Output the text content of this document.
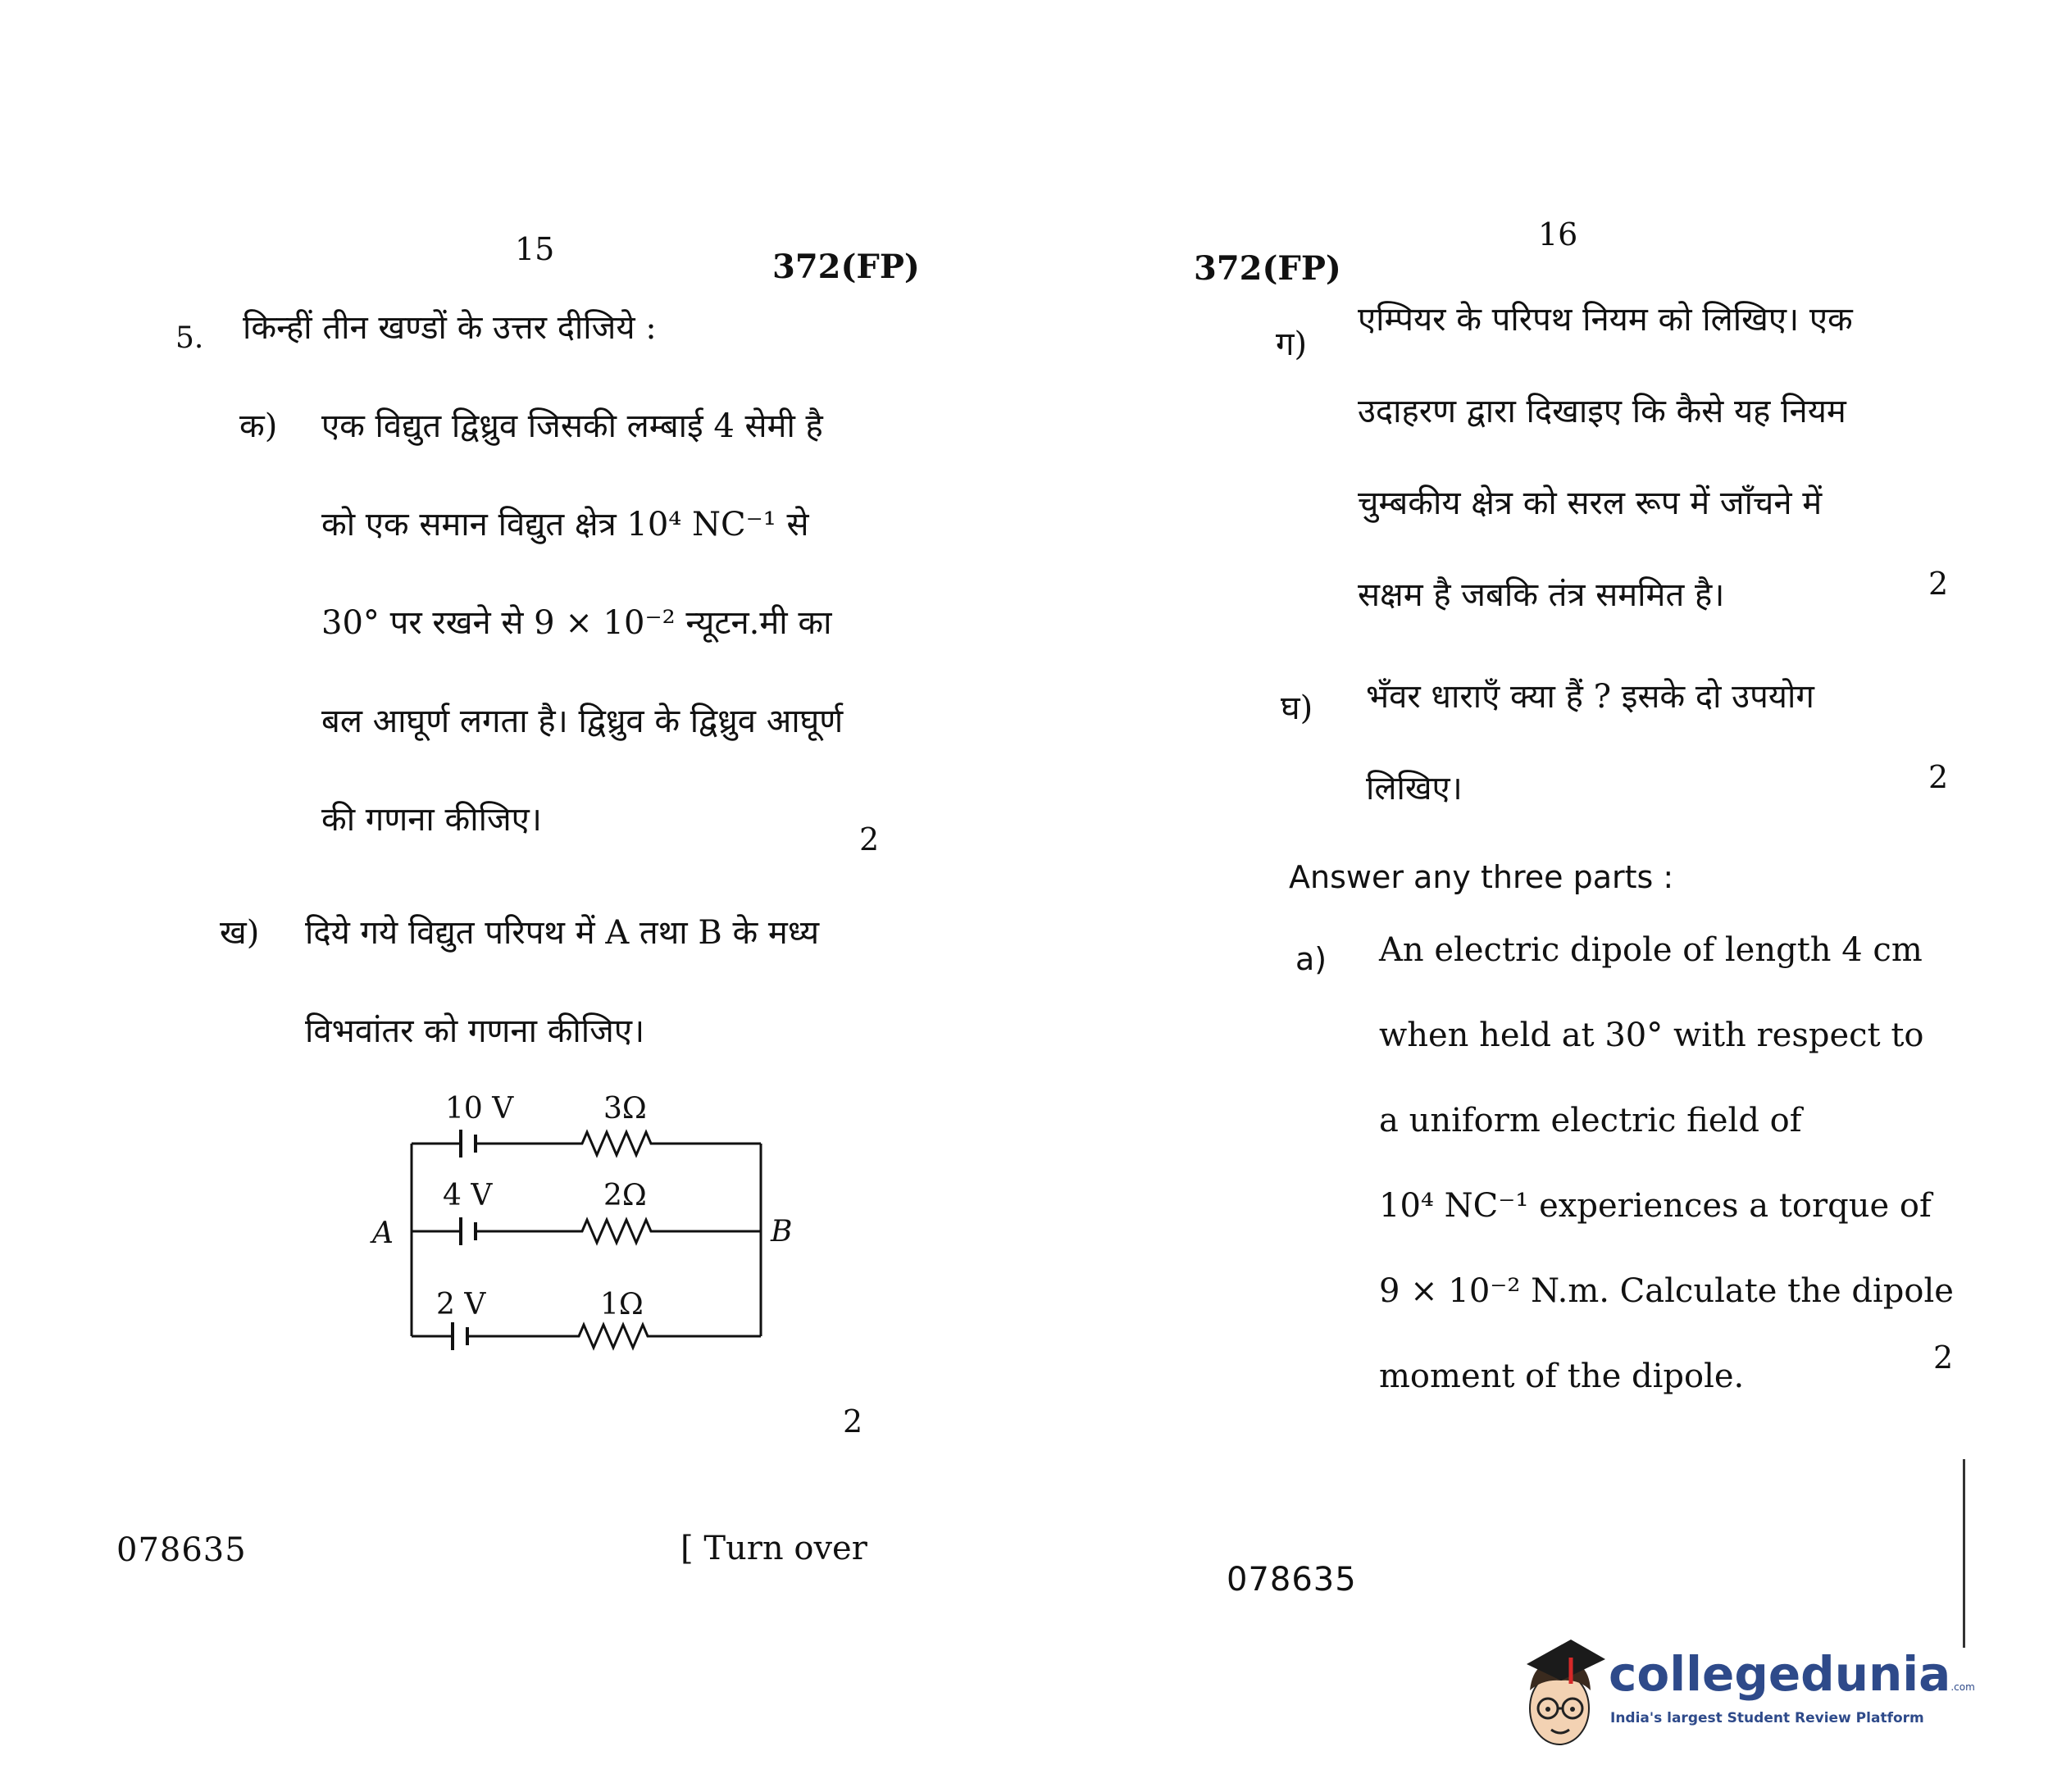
15	372(FP)
5. किन्हीं तीन खण्डों के उत्तर दीजिये :
क) एक विद्युत द्विध्रुव जिसकी लम्बाई 4 सेमी है
को एक समान विद्युत क्षेत्र 10⁴ NC⁻¹ से
30° पर रखने से 9 × 10⁻² न्यूटन.मी का
बल आघूर्ण लगता है। द्विध्रुव के द्विध्रुव आघूर्ण
की गणना कीजिए।
2
ख) दिये गये विद्युत परिपथ में A तथा B के मध्य
विभवांतर को गणना कीजिए।
10 V	3Ω
4 V	2Ω
2 V	1Ω
A	B
2
078635	[ Turn over
16
372(FP)
ग)
एम्पियर के परिपथ नियम को लिखिए। एक
उदाहरण द्वारा दिखाइए कि कैसे यह नियम
चुम्बकीय क्षेत्र को सरल रूप में जाँचने में
सक्षम है जबकि तंत्र सममित है।	2
घ) भँवर धाराएँ क्या हैं ? इसके दो उपयोग
लिखिए।	2
Answer any three parts :
a) An electric dipole of length 4 cm
when held at 30° with respect to
a uniform electric field of
10⁴ NC⁻¹ experiences a torque of
9 × 10⁻² N.m. Calculate the dipole
moment of the dipole.	2
078635
collegedunia.com
India's largest Student Review Platform
